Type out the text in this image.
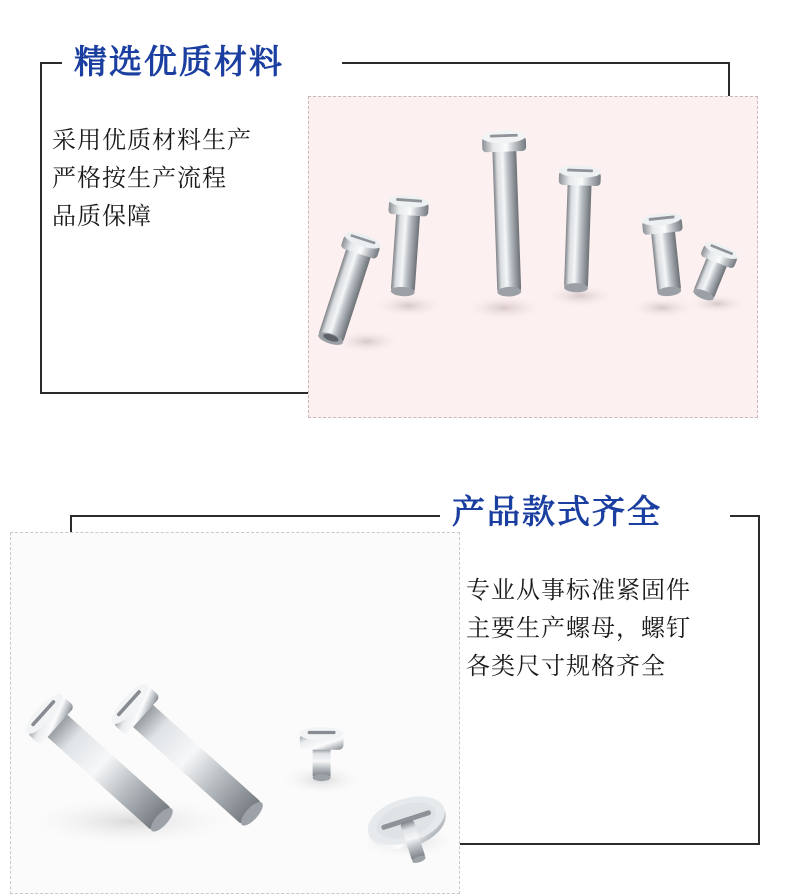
精选优质材料
采用优质材料生产
严格按生产流程
品质保障
产品款式齐全
专业从事标准紧固件
主要生产螺母，螺钉
各类尺寸规格齐全
